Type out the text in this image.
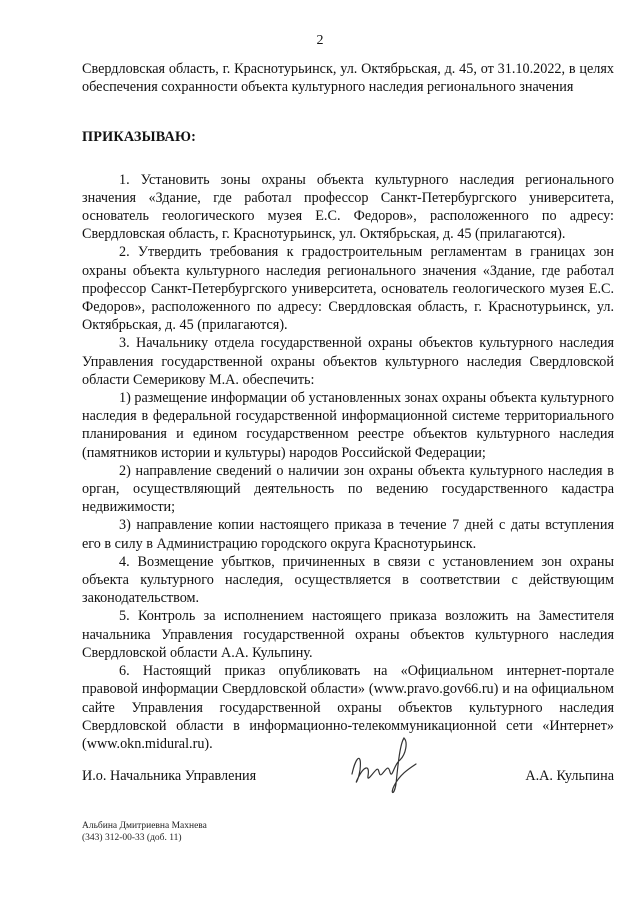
2

Свердловская область, г. Краснотурьинск, ул. Октябрьская, д. 45, от 31.10.2022, в целях обеспечения сохранности объекта культурного наследия регионального значения

ПРИКАЗЫВАЮ:

1. Установить зоны охраны объекта культурного наследия регионального значения «Здание, где работал профессор Санкт-Петербургского университета, основатель геологического музея Е.С. Федоров», расположенного по адресу: Свердловская область, г. Краснотурьинск, ул. Октябрьская, д. 45 (прилагаются).

2. Утвердить требования к градостроительным регламентам в границах зон охраны объекта культурного наследия регионального значения «Здание, где работал профессор Санкт-Петербургского университета, основатель геологического музея Е.С. Федоров», расположенного по адресу: Свердловская область, г. Краснотурьинск, ул. Октябрьская, д. 45 (прилагаются).

3. Начальнику отдела государственной охраны объектов культурного наследия Управления государственной охраны объектов культурного наследия Свердловской области Семерикову М.А. обеспечить:

1) размещение информации об установленных зонах охраны объекта культурного наследия в федеральной государственной информационной системе территориального планирования и едином государственном реестре объектов культурного наследия (памятников истории и культуры) народов Российской Федерации;

2) направление сведений о наличии зон охраны объекта культурного наследия в орган, осуществляющий деятельность по ведению государственного кадастра недвижимости;

3) направление копии настоящего приказа в течение 7 дней с даты вступления его в силу в Администрацию городского округа Краснотурьинск.

4. Возмещение убытков, причиненных в связи с установлением зон охраны объекта культурного наследия, осуществляется в соответствии с действующим законодательством.

5. Контроль за исполнением настоящего приказа возложить на Заместителя начальника Управления государственной охраны объектов культурного наследия Свердловской области А.А. Кульпину.

6. Настоящий приказ опубликовать на «Официальном интернет-портале правовой информации Свердловской области» (www.pravo.gov66.ru) и на официальном сайте Управления государственной охраны объектов культурного наследия Свердловской области в информационно-телекоммуникационной сети «Интернет» (www.okn.midural.ru).

И.о. Начальника Управления	А.А. Кульпина
Альбина Дмитриевна Махнева
(343) 312-00-33 (доб. 11)
